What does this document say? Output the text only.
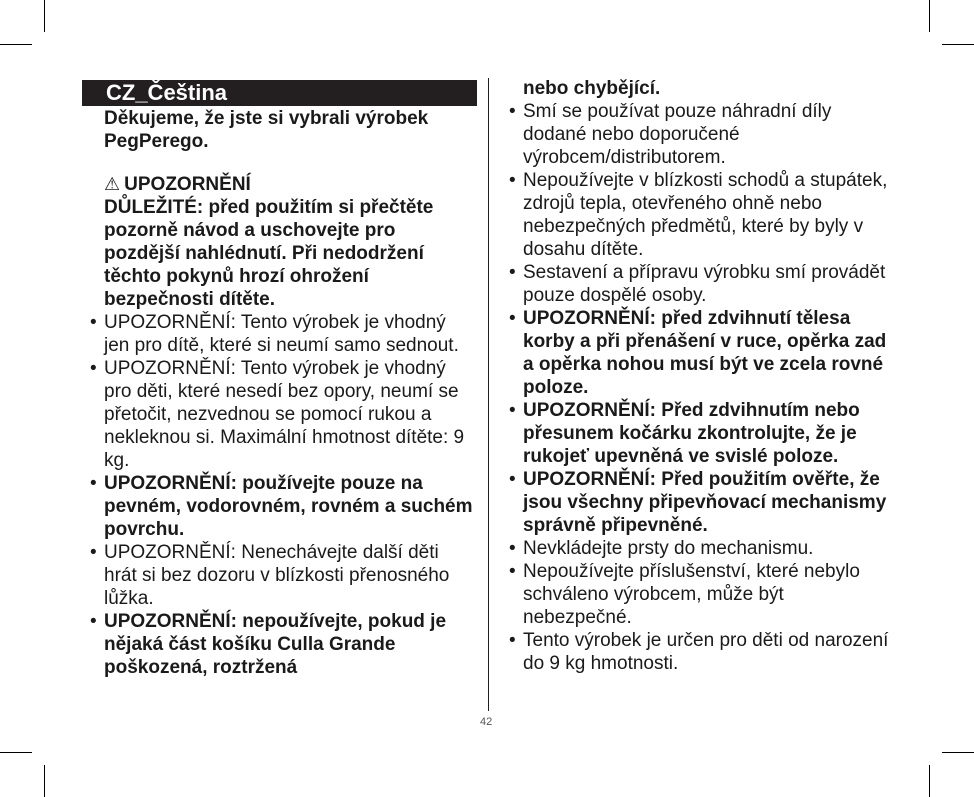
CZ_Čeština
42
Děkujeme, že jste si vybrali výrobek PegPerego.
⚠ UPOZORNĚNÍ
DŮLEŽITÉ: před použitím si přečtěte pozorně návod a uschovejte pro pozdější nahlédnutí. Při nedodržení těchto pokynů hrozí ohrožení bezpečnosti dítěte.
• UPOZORNĚNÍ: Tento výrobek je vhodný jen pro dítě, které si neumí samo sednout.
• UPOZORNĚNÍ: Tento výrobek je vhodný pro děti, které nesedí bez opory, neumí se přetočit, nezvednou se pomocí rukou a nekleknou si. Maximální hmotnost dítěte: 9 kg.
• UPOZORNĚNÍ: používejte pouze na pevném, vodorovném, rovném a suchém povrchu.
• UPOZORNĚNÍ: Nenechávejte další děti hrát si bez dozoru v blízkosti přenosného lůžka.
• UPOZORNĚNÍ: nepoužívejte, pokud je nějaká část košíku Culla Grande poškozená, roztržená
nebo chybějící.
• Smí se používat pouze náhradní díly dodané nebo doporučené výrobcem/distributorem.
• Nepoužívejte v blízkosti schodů a stupátek, zdrojů tepla, otevřeného ohně nebo nebezpečných předmětů, které by byly v dosahu dítěte.
• Sestavení a přípravu výrobku smí provádět pouze dospělé osoby.
• UPOZORNĚNÍ: před zdvihnutí tělesa korby a při přenášení v ruce, opěrka zad a opěrka nohou musí být ve zcela rovné poloze.
• UPOZORNĚNÍ: Před zdvihnutím nebo přesunem kočárku zkontrolujte, že je rukojeť upevněná ve svislé poloze.
• UPOZORNĚNÍ: Před použitím ověřte, že jsou všechny připevňovací mechanismy správně připevněné.
• Nevkládejte prsty do mechanismu.
• Nepoužívejte příslušenství, které nebylo schváleno výrobcem, může být nebezpečné.
• Tento výrobek je určen pro děti od narození do 9 kg hmotnosti.
